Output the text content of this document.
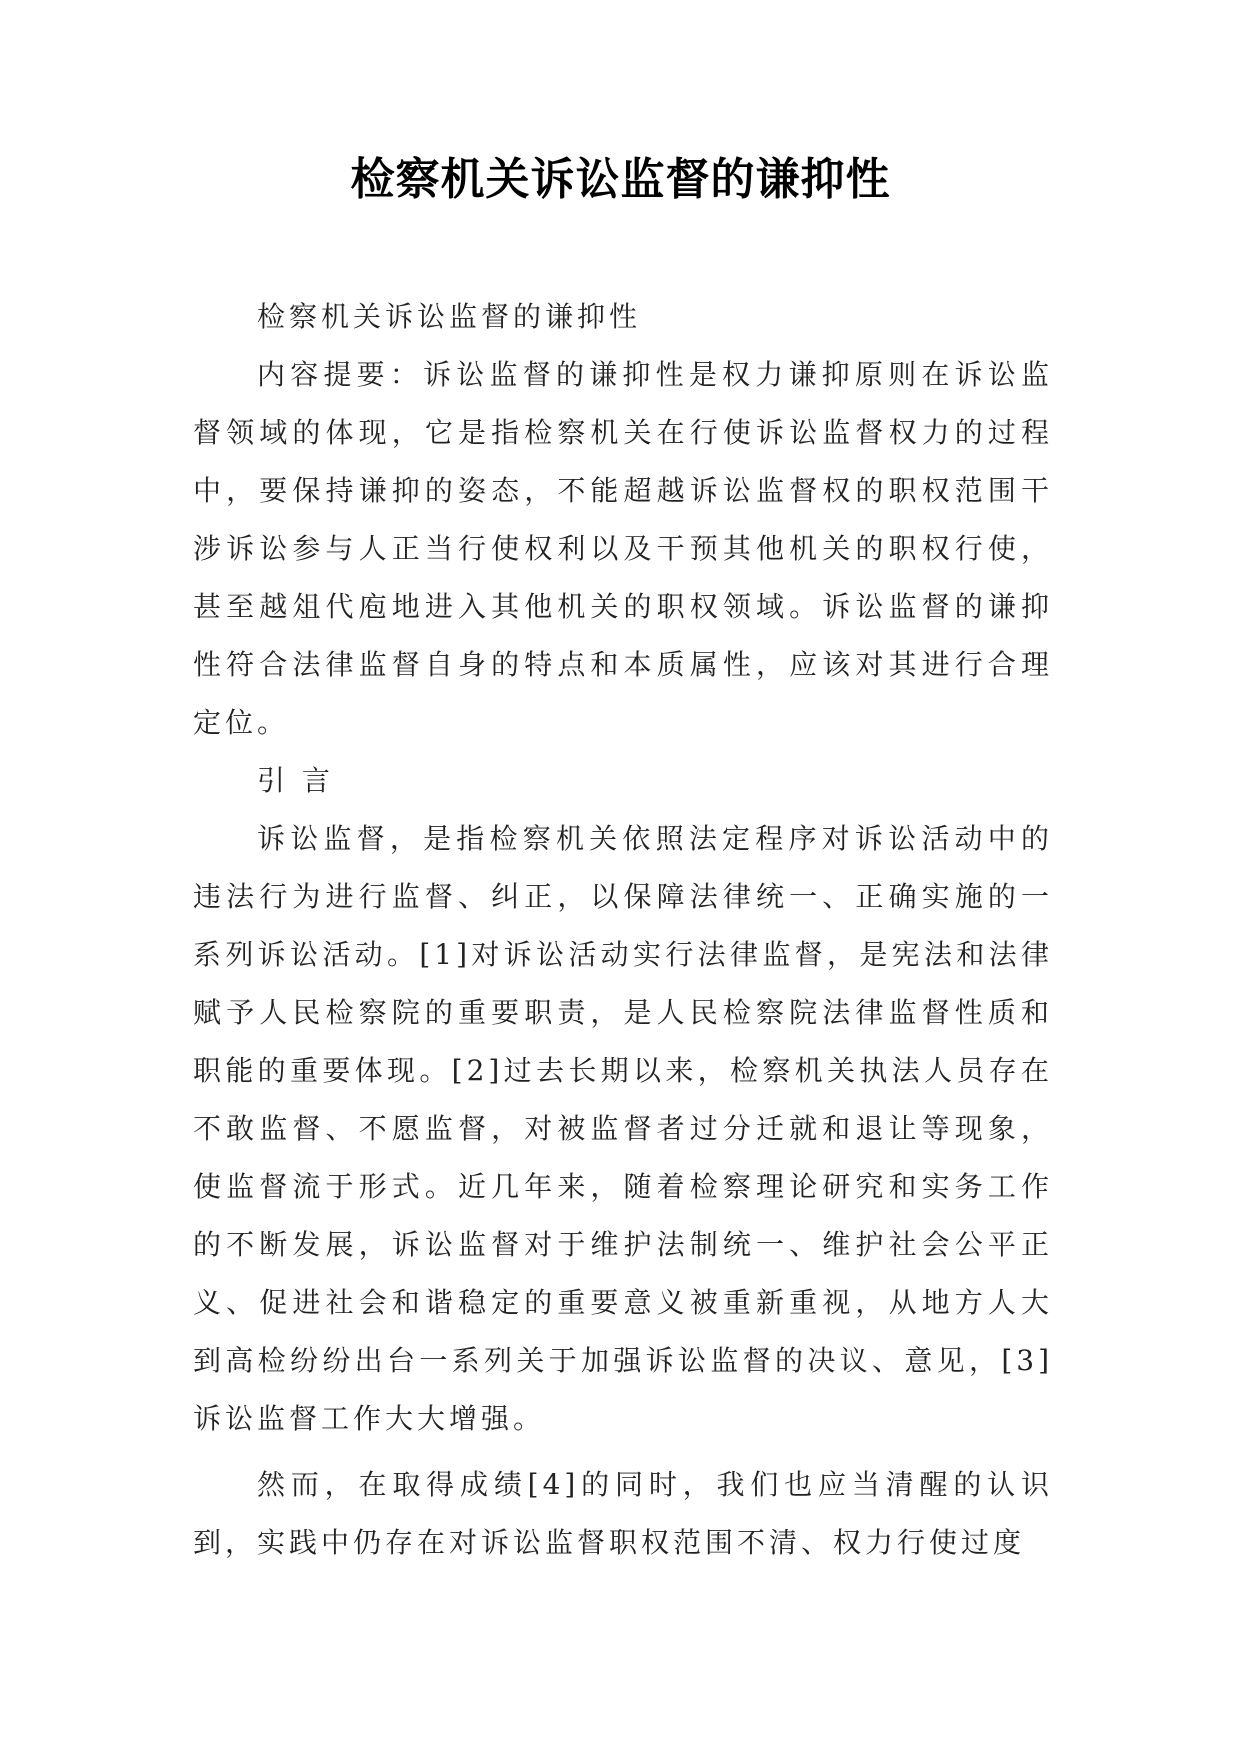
检察机关诉讼监督的谦抑性

检察机关诉讼监督的谦抑性

内容提要：诉讼监督的谦抑性是权力谦抑原则在诉讼监督领域的体现，它是指检察机关在行使诉讼监督权力的过程中，要保持谦抑的姿态，不能超越诉讼监督权的职权范围干涉诉讼参与人正当行使权利以及干预其他机关的职权行使，甚至越俎代庖地进入其他机关的职权领域。诉讼监督的谦抑性符合法律监督自身的特点和本质属性，应该对其进行合理定位。

引 言

诉讼监督，是指检察机关依照法定程序对诉讼活动中的违法行为进行监督、纠正，以保障法律统一、正确实施的一系列诉讼活动。[1]对诉讼活动实行法律监督，是宪法和法律赋予人民检察院的重要职责，是人民检察院法律监督性质和职能的重要体现。[2]过去长期以来，检察机关执法人员存在不敢监督、不愿监督，对被监督者过分迁就和退让等现象，使监督流于形式。近几年来，随着检察理论研究和实务工作的不断发展，诉讼监督对于维护法制统一、维护社会公平正义、促进社会和谐稳定的重要意义被重新重视，从地方人大到高检纷纷出台一系列关于加强诉讼监督的决议、意见，[3]诉讼监督工作大大增强。

然而，在取得成绩[4]的同时，我们也应当清醒的认识到，实践中仍存在对诉讼监督职权范围不清、权力行使过度
